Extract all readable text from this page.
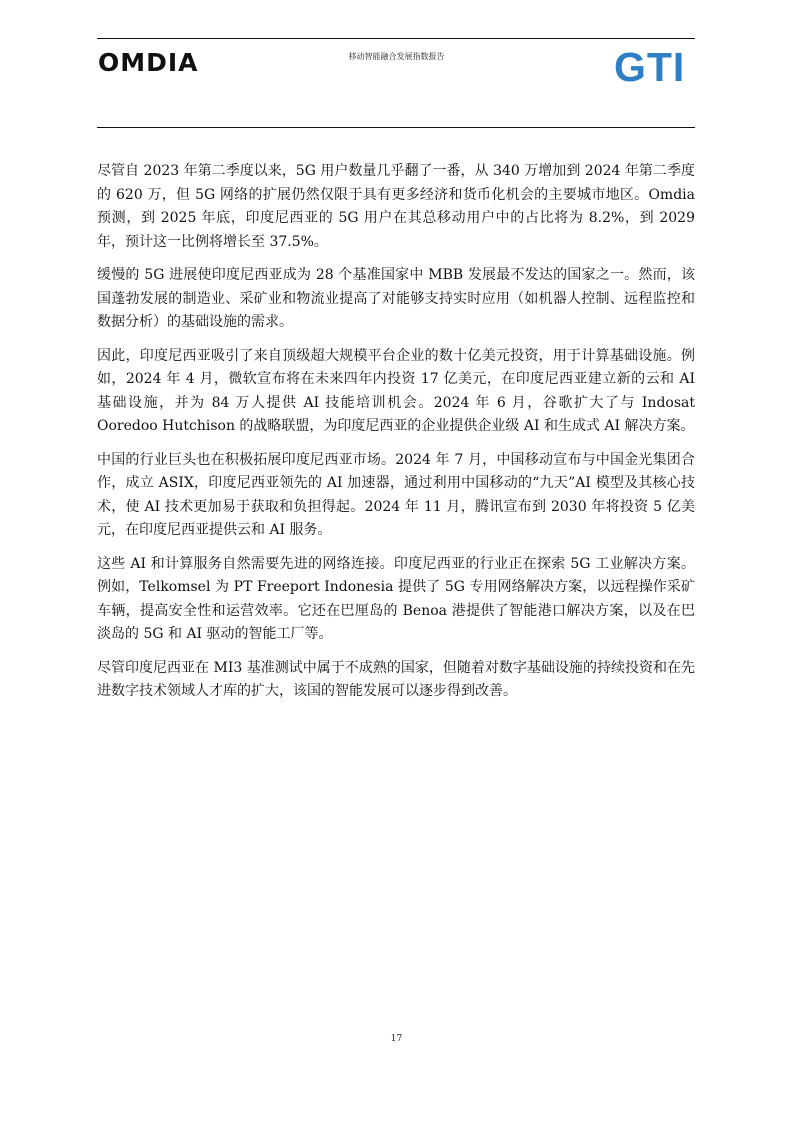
OMDIA	移动智能融合发展指数报告	GTI

尽管自 2023 年第二季度以来，5G 用户数量几乎翻了一番，从 340 万增加到 2024 年第二季度的 620 万，但 5G 网络的扩展仍然仅限于具有更多经济和货币化机会的主要城市地区。Omdia 预测，到 2025 年底，印度尼西亚的 5G 用户在其总移动用户中的占比将为 8.2%，到 2029 年，预计这一比例将增长至 37.5%。

缓慢的 5G 进展使印度尼西亚成为 28 个基准国家中 MBB 发展最不发达的国家之一。然而，该国蓬勃发展的制造业、采矿业和物流业提高了对能够支持实时应用（如机器人控制、远程监控和数据分析）的基础设施的需求。

因此，印度尼西亚吸引了来自顶级超大规模平台企业的数十亿美元投资，用于计算基础设施。例如，2024 年 4 月，微软宣布将在未来四年内投资 17 亿美元，在印度尼西亚建立新的云和 AI 基础设施，并为 84 万人提供 AI 技能培训机会。2024 年 6 月，谷歌扩大了与 Indosat Ooredoo Hutchison 的战略联盟，为印度尼西亚的企业提供企业级 AI 和生成式 AI 解决方案。

中国的行业巨头也在积极拓展印度尼西亚市场。2024 年 7 月，中国移动宣布与中国金光集团合作，成立 ASIX，印度尼西亚领先的 AI 加速器，通过利用中国移动的“九天”AI 模型及其核心技术，使 AI 技术更加易于获取和负担得起。2024 年 11 月，腾讯宣布到 2030 年将投资 5 亿美元，在印度尼西亚提供云和 AI 服务。

这些 AI 和计算服务自然需要先进的网络连接。印度尼西亚的行业正在探索 5G 工业解决方案。例如，Telkomsel 为 PT Freeport Indonesia 提供了 5G 专用网络解决方案，以远程操作采矿车辆，提高安全性和运营效率。它还在巴厘岛的 Benoa 港提供了智能港口解决方案，以及在巴淡岛的 5G 和 AI 驱动的智能工厂等。

尽管印度尼西亚在 MI3 基准测试中属于不成熟的国家，但随着对数字基础设施的持续投资和在先进数字技术领域人才库的扩大，该国的智能发展可以逐步得到改善。

17
